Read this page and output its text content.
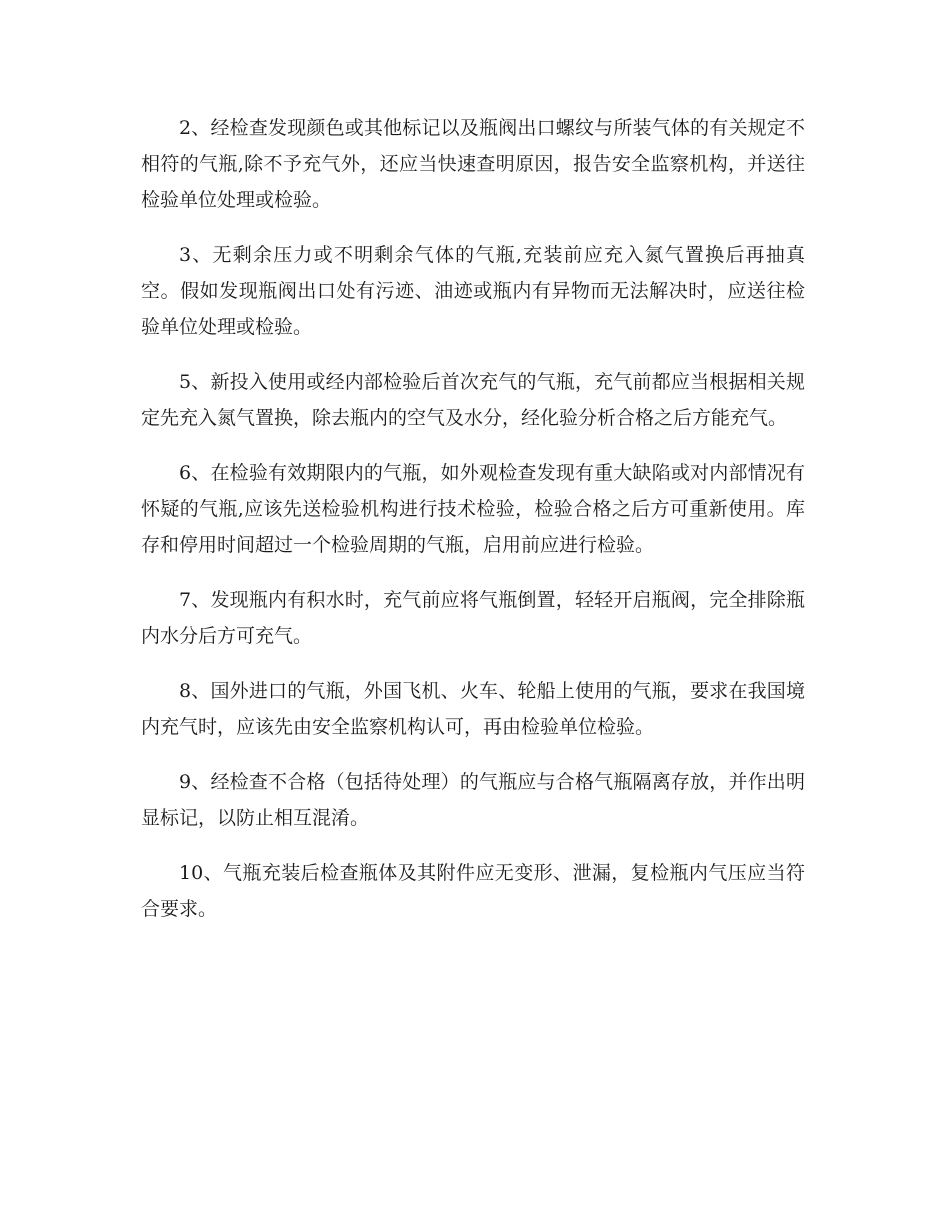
2、经检查发现颜色或其他标记以及瓶阀出口螺纹与所装气体的有关规定不相符的气瓶,除不予充气外，还应当快速查明原因，报告安全监察机构，并送往检验单位处理或检验。

3、无剩余压力或不明剩余气体的气瓶,充装前应充入氮气置换后再抽真空。假如发现瓶阀出口处有污迹、油迹或瓶内有异物而无法解决时，应送往检验单位处理或检验。

5、新投入使用或经内部检验后首次充气的气瓶，充气前都应当根据相关规定先充入氮气置换，除去瓶内的空气及水分，经化验分析合格之后方能充气。

6、在检验有效期限内的气瓶，如外观检查发现有重大缺陷或对内部情况有怀疑的气瓶,应该先送检验机构进行技术检验，检验合格之后方可重新使用。库存和停用时间超过一个检验周期的气瓶，启用前应进行检验。

7、发现瓶内有积水时，充气前应将气瓶倒置，轻轻开启瓶阀，完全排除瓶内水分后方可充气。

8、国外进口的气瓶，外国飞机、火车、轮船上使用的气瓶，要求在我国境内充气时，应该先由安全监察机构认可，再由检验单位检验。

9、经检查不合格（包括待处理）的气瓶应与合格气瓶隔离存放，并作出明显标记，以防止相互混淆。

10、气瓶充装后检查瓶体及其附件应无变形、泄漏，复检瓶内气压应当符合要求。
